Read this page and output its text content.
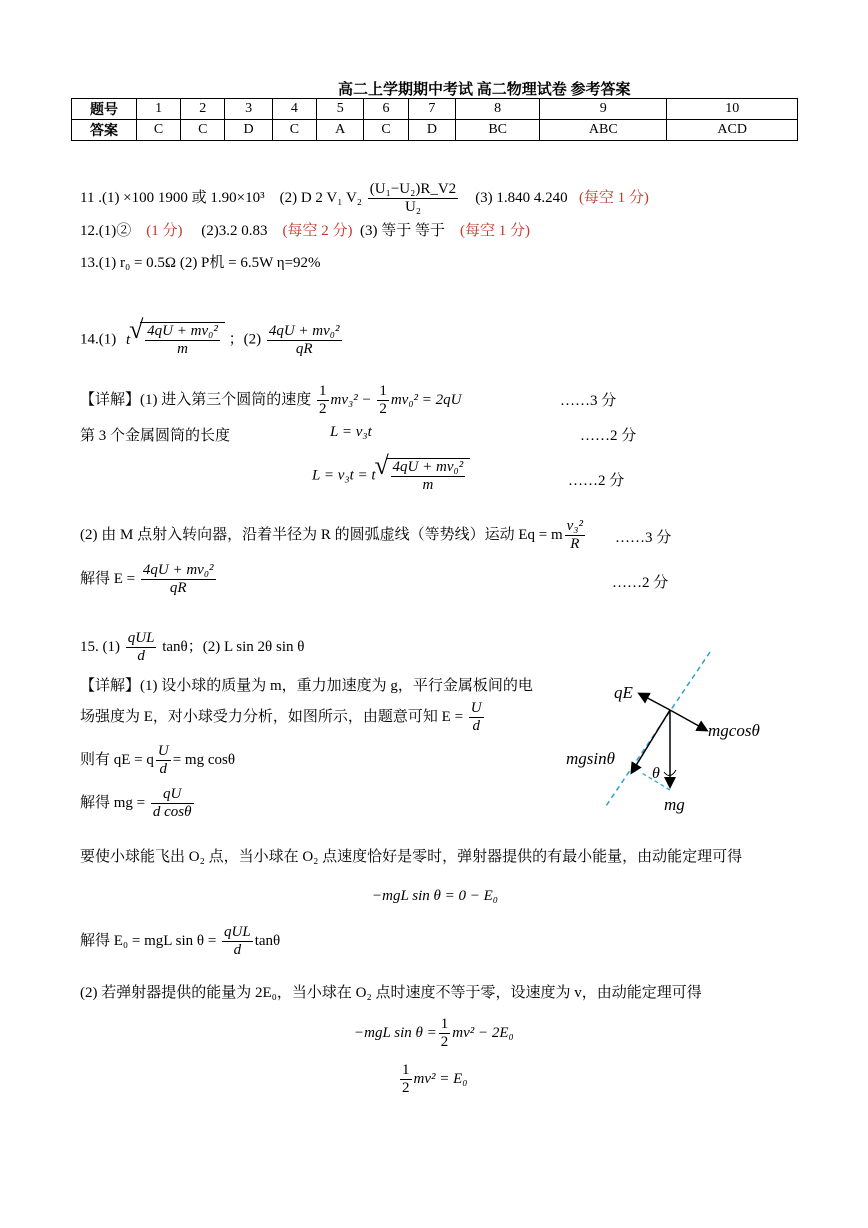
高二上学期期中考试 高二物理试卷 参考答案
题号	1	2	3	4	5	6	7	8	9	10
答案	C	C	D	C	A	C	D	BC	ABC	ACD
11 .(1) ×100 1900 或 1.90×10³ (2) D 2 V₁ $V_2 \frac{\text{(U₁−U₂)R\_V2}}{\text{U₂}} (3)$ 1.840 4.240 (每空 1 分)
12.(1)② (1 分) (2)3.2 0.83 (每空 2 分) (3) 等于 等于 (每空 1 分)
13.(1) r₀ = 0.5Ω (2) P机 = 6.5W η=92%
14.(1) t √ $\frac{\text{4qU + mv₀²}}{m}$ ；$(2) \frac{\text{4qU + mv₀²}}{qR}$
【详解】(1) 进入第三个圆筒的速度 $\frac{1}{2} mv_3^2 - \frac{1}{2} mv_0^2 = 2qU$	……3 分
第 3 个金属圆筒的长度	L = v₃t	……2 分
L = v₃t = t √ $\frac{\text{4qU + mv₀²}}{m}$	……2 分
(2) 由 M 点射入转向器，沿着半径为 R 的圆弧虚线（等势线）运动 Eq = m $\frac{\text{v₃²}}{R}$ ……3 分
解得 $E = \frac{\text{4qU + mv₀²}}{qR}$	……2 分
15. $(1) \frac{\text{qUL}}{d}$ tanθ；(2) L sin 2θ sin θ
【详解】(1) 设小球的质量为 m，重力加速度为 g，平行金属板间的电
场强度为 E，对小球受力分析，如图所示，由题意可知 $E = \frac{U}{d}$
则有 qE = q $\frac{U}{d}$ = mg cosθ
解得 mg = $\frac{qU}{\text{d cosθ}}$
要使小球能飞出 O₂ 点，当小球在 O₂ 点速度恰好是零时，弹射器提供的有最小能量，由动能定理可得
−mgL sin θ = 0 − E₀
解得 E₀ = mgL $\sin \theta = \frac{\text{qUL}}{d}$ tanθ
(2) 若弹射器提供的能量为 2E₀，当小球在 O₂ 点时速度不等于零，设速度为 v，由动能定理可得
−mgL $\sin \theta = \frac{1}{2} mv^2 - 2E_0$
$\frac{1}{2} mv^2 = E_0$
qE
mgcosθ
mgsinθ
θ
mg
